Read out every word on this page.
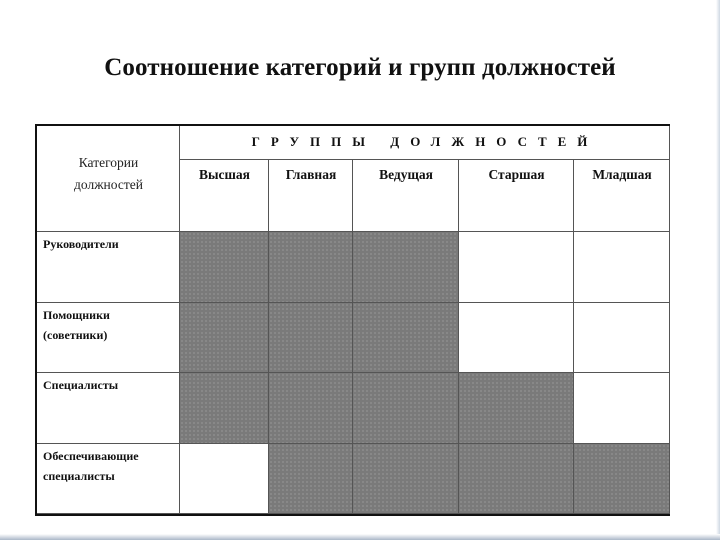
Соотношение категорий и групп должностей
Категории
должностей
ГРУППЫ ДОЛЖНОСТЕЙ
Высшая	Главная	Ведущая	Старшая	Младшая
Руководители
Помощники
(советники)
Специалисты
Обеспечивающие
специалисты
